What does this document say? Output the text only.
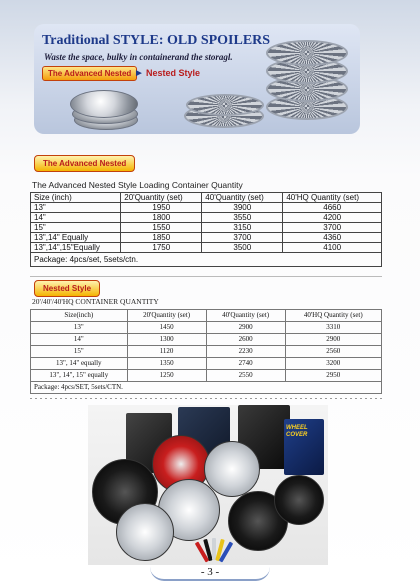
Traditional STYLE: OLD SPOILERS
Waste the space, bulky in containerand the storagl.
The Advanced Nested	Nested Style
►
The Advanced Nested
The Advanced Nested Style Loading Container Quantity
Size (inch)	20'Quantity (set)	40'Quantity (set)	40'HQ Quantity (set)
13"	1950	3900	4660
14"	1800	3550	4200
15"	1550	3150	3700
13",14" Equally	1850	3700	4360
13",14",15"Equally	1750	3500	4100
Package: 4pcs/set, 5sets/ctn.			
Nested Style
20'/40'/40'HQ CONTAINER QUANTITY
Size(inch)	20'Quantity (set)	40'Quantity (set)	40'HQ Quantity (set)
13"	1450	2900	3310
14"	1300	2600	2900
15"	1120	2230	2560
13", 14" equally	1350	2740	3200
13", 14", 15" equally	1250	2550	2950
Package: 4pcs/SET, 5sets/CTN.			
WHEEL COVER
- 3 -
